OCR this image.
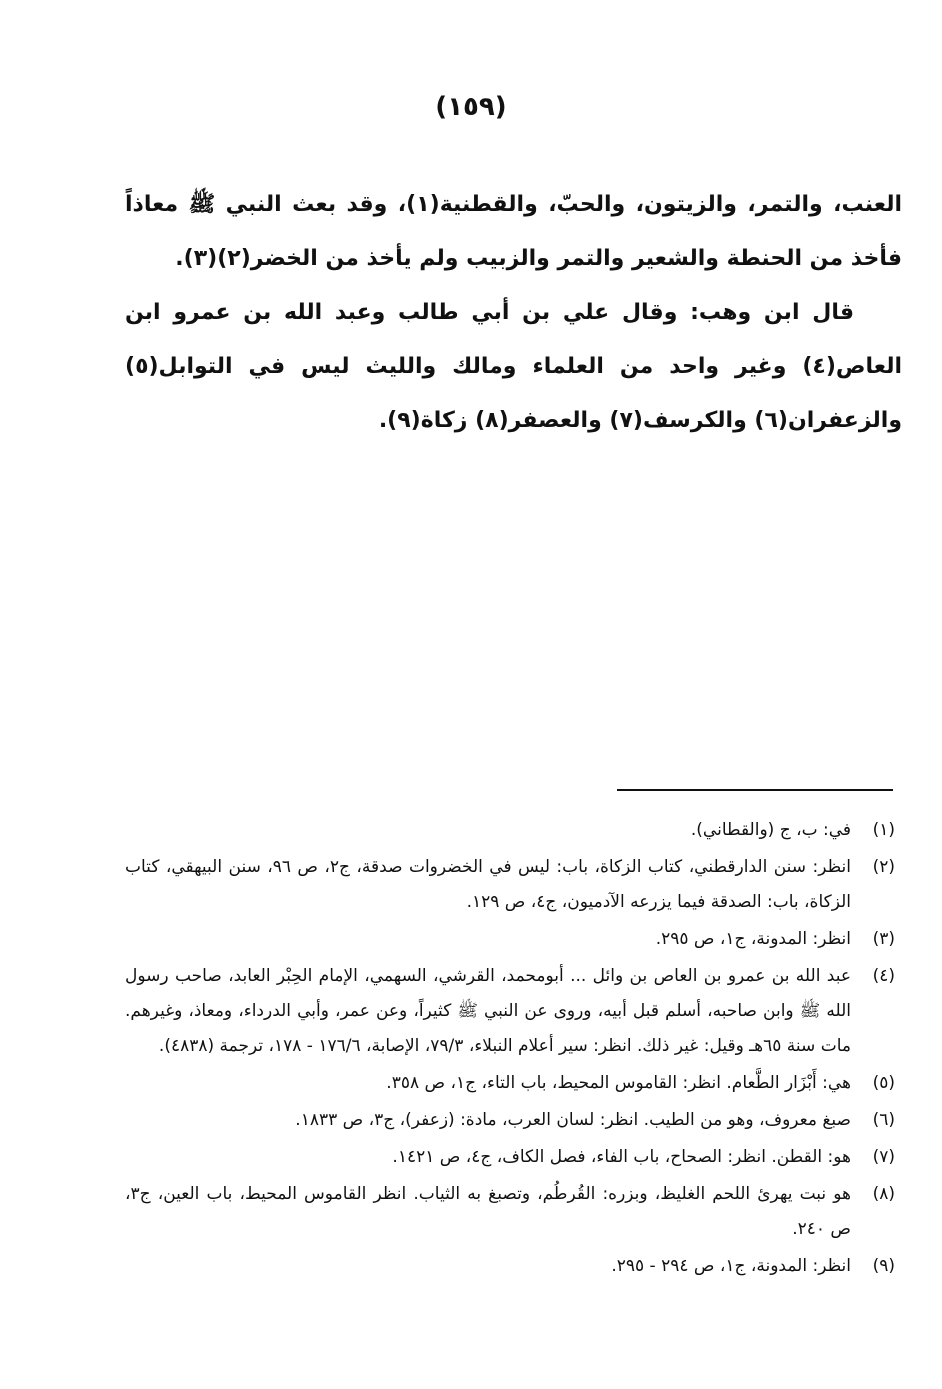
(١٥٩)

العنب، والتمر، والزيتون، والحبّ، والقطنية(١)، وقد بعث النبي ﷺ معاذاً فأخذ من الحنطة والشعير والتمر والزبيب ولم يأخذ من الخضر(٢)(٣).

قال ابن وهب: وقال علي بن أبي طالب وعبد الله بن عمرو ابن العاص(٤) وغير واحد من العلماء ومالك والليث ليس في التوابل(٥) والزعفران(٦) والكرسف(٧) والعصفر(٨) زكاة(٩).

(١)
في: ب، ج (والقطاني).
(٢)
انظر: سنن الدارقطني، كتاب الزكاة، باب: ليس في الخضروات صدقة، ج٢، ص ٩٦، سنن البيهقي، كتاب الزكاة، باب: الصدقة فيما يزرعه الآدميون، ج٤، ص ١٢٩.
(٣)
انظر: المدونة، ج١، ص ٢٩٥.
(٤)
عبد الله بن عمرو بن العاص بن وائل ... أبومحمد، القرشي، السهمي، الإمام الحِبْر العابد، صاحب رسول الله ﷺ وابن صاحبه، أسلم قبل أبيه، وروى عن النبي ﷺ كثيراً، وعن عمر، وأبي الدرداء، ومعاذ، وغيرهم. مات سنة ٦٥هـ وقيل: غير ذلك. انظر: سير أعلام النبلاء، ٧٩/٣، الإصابة، ١٧٦/٦ - ١٧٨، ترجمة (٤٨٣٨).
(٥)
هي: أَبْزَار الطَّعام. انظر: القاموس المحيط، باب التاء، ج١، ص ٣٥٨.
(٦)
صبغ معروف، وهو من الطيب. انظر: لسان العرب، مادة: (زعفر)، ج٣، ص ١٨٣٣.
(٧)
هو: القطن. انظر: الصحاح، باب الفاء، فصل الكاف، ج٤، ص ١٤٢١.
(٨)
هو نبت يهرئ اللحم الغليظ، وبزره: القُرطُم، وتصبغ به الثياب. انظر القاموس المحيط، باب العين، ج٣، ص ٢٤٠.
(٩)
انظر: المدونة، ج١، ص ٢٩٤ - ٢٩٥.
